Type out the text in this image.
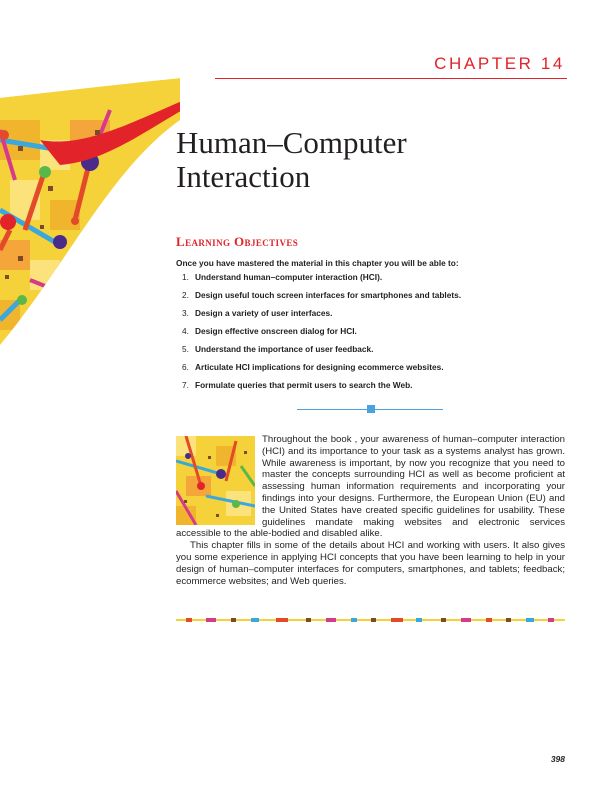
CHAPTER 14
Human–Computer
Interaction
Learning Objectives
Once you have mastered the material in this chapter you will be able to:
1. Understand human–computer interaction (HCI).
2. Design useful touch screen interfaces for smartphones and tablets.
3. Design a variety of user interfaces.
4. Design effective onscreen dialog for HCI.
5. Understand the importance of user feedback.
6. Articulate HCI implications for designing ecommerce websites.
7. Formulate queries that permit users to search the Web.

Throughout the book , your awareness of human–computer interaction (HCI) and its importance to your task as a systems analyst has grown. While awareness is important, by now you recognize that you need to master the concepts surrounding HCI as well as become proficient at assessing human information requirements and incorporating your findings into your designs. Furthermore, the European Union (EU) and the United States have created specific guidelines for usability. These guidelines mandate making websites and electronic services accessible to the able-bodied and disabled alike.

This chapter fills in some of the details about HCI and working with users. It also gives you some experience in applying HCI concepts that you have been learning to help in your design of human–computer interfaces for computers, smartphones, and tablets; feedback; ecommerce websites; and Web queries.

398
